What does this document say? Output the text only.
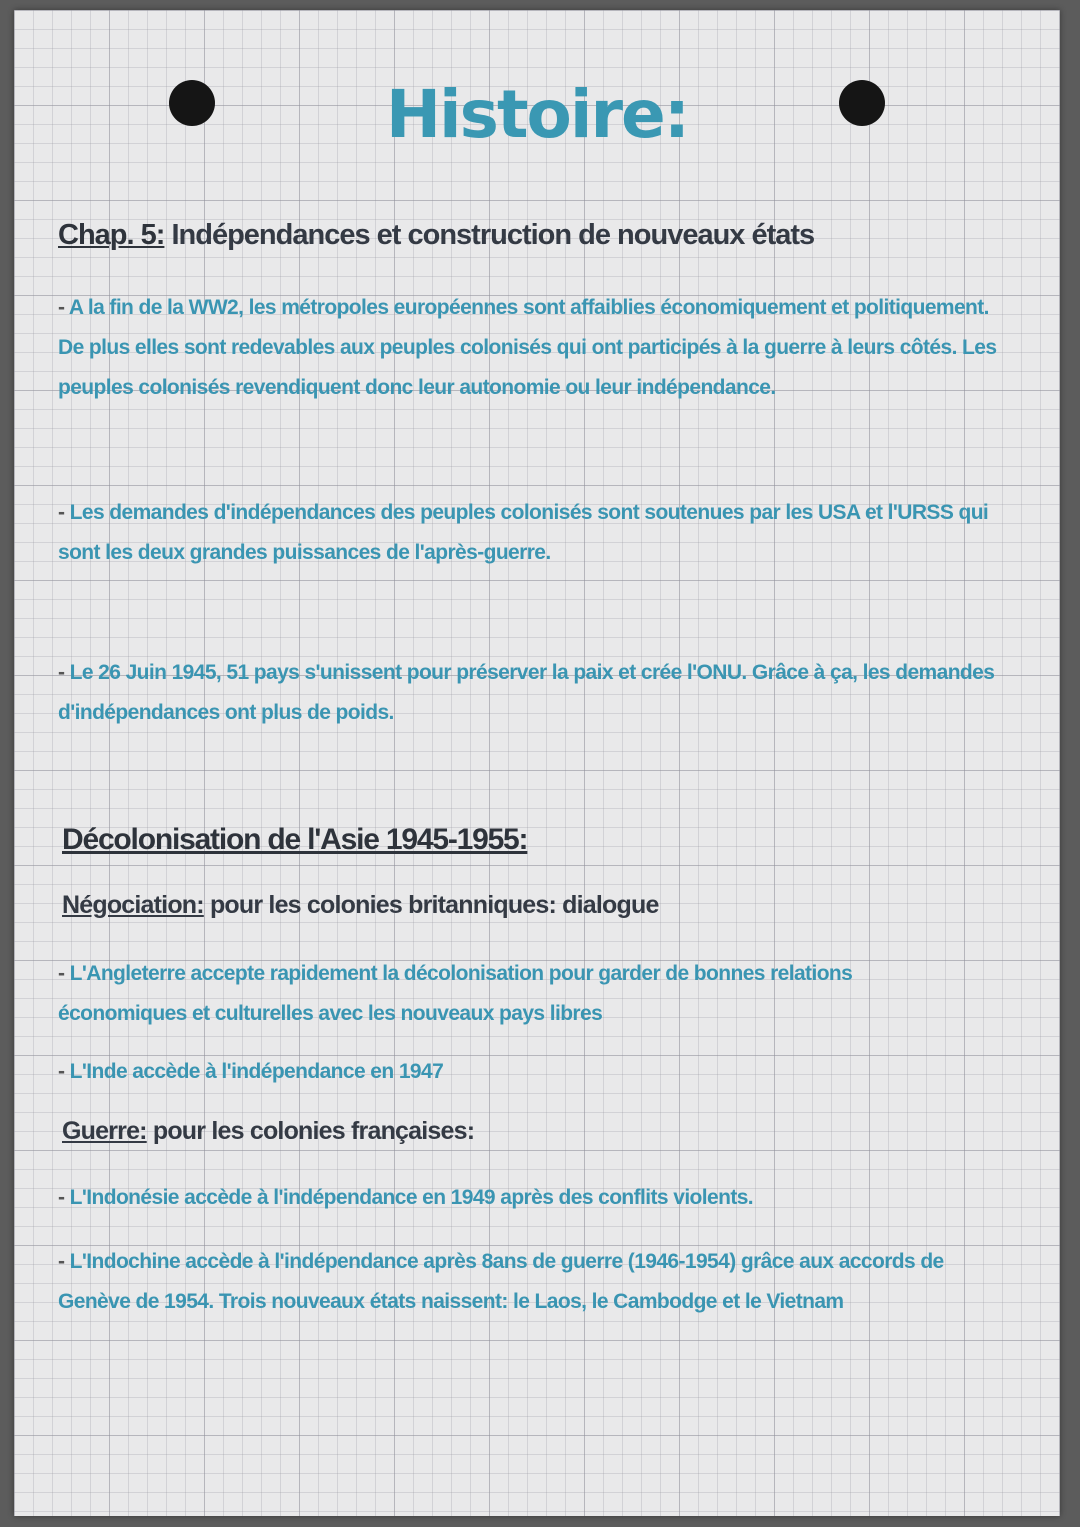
Histoire:
Chap. 5: Indépendances et construction de nouveaux états

- A la fin de la WW2, les métropoles européennes sont affaiblies économiquement et politiquement. De plus elles sont redevables aux peuples colonisés qui ont participés à la guerre à leurs côtés. Les peuples colonisés revendiquent donc leur autonomie ou leur indépendance.

- Les demandes d'indépendances des peuples colonisés sont soutenues par les USA et l'URSS qui sont les deux grandes puissances de l'après-guerre.

- Le 26 Juin 1945, 51 pays s'unissent pour préserver la paix et crée l'ONU. Grâce à ça, les demandes d'indépendances ont plus de poids.

Décolonisation de l'Asie 1945-1955:
Négociation: pour les colonies britanniques: dialogue

- L'Angleterre accepte rapidement la décolonisation pour garder de bonnes relations économiques et culturelles avec les nouveaux pays libres

- L'Inde accède à l'indépendance en 1947

Guerre: pour les colonies françaises:

- L'Indonésie accède à l'indépendance en 1949 après des conflits violents.

- L'Indochine accède à l'indépendance après 8ans de guerre (1946-1954) grâce aux accords de Genève de 1954. Trois nouveaux états naissent: le Laos, le Cambodge et le Vietnam
